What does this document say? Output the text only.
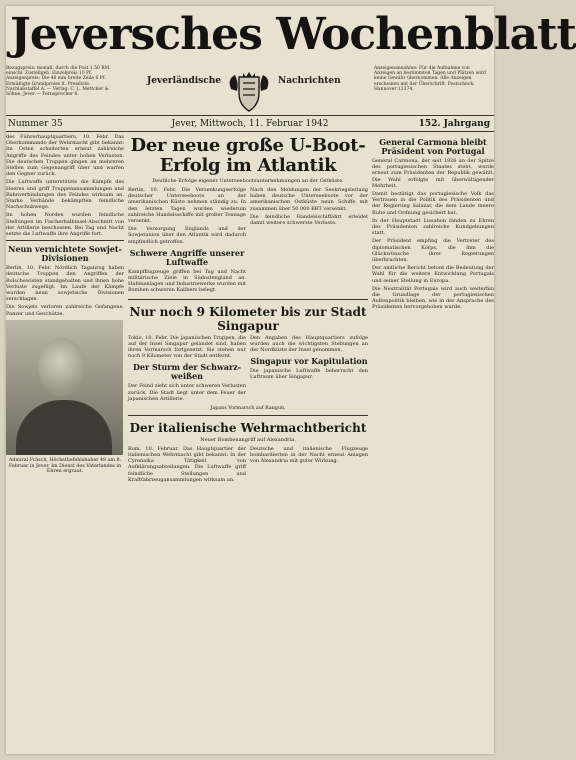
Jeversches Wochenblatt
Bezugspreis: monatl. durch die Post 1.50 RM. einschl. Zustellgeb. Einzelpreis 10 Pf. Anzeigenpreis: Die 46 mm breite Zeile 6 Pf. Ermäßigte Grundpreise lt. Preisliste. Nachlaßstaffel A. — Verlag: C. L. Mettcker & Söhne, Jever — Fernsprecher 6.
Jeverländische	Nachrichten
Anzeigenannahme: Für die Aufnahme von Anzeigen an bestimmten Tagen und Plätzen wird keine Gewähr übernommen. Alle Anzeigen erscheinen mit der Überschrift. Postscheck: Hannover 12374.
Nummer 35	Jever, Mittwoch, 11. Februar 1942	152. Jahrgang

des Führerhauptquartiers, 10. Febr. Das Oberkommando der Wehrmacht gibt bekannt: Im Osten scheiterten erneut zahlreiche Angriffe des Feindes unter hohen Verlusten. Die deutschen Truppen gingen an mehreren Stellen zum Gegenangriff über und warfen den Gegner zurück.

Die Luftwaffe unterstützte die Kämpfe des Heeres und griff Truppenansammlungen und Bahnverbindungen des Feindes wirksam an. Starke Verbände bekämpften feindliche Nachschubwege.

Im hohen Norden wurden feindliche Stellungen im Fischerhalbinsel-Abschnitt von der Artillerie beschossen. Bei Tag und Nacht setzte die Luftwaffe ihre Angriffe fort.

Neun vernichtete Sowjet-Divisionen

Berlin, 10. Febr. Nördlich Taganrog haben deutsche Truppen den Angriffen der Bolschewisten standgehalten und ihnen hohe Verluste zugefügt. Im Laufe der Kämpfe wurden neun sowjetische Divisionen zerschlagen.

Die Sowjets verloren zahlreiche Gefangene, Panzer und Geschütze.

Admiral Fräsch, Höchstbefehlshaber 49 am 8. Februar in Jever, Im Dienst des Vaterlandes in Ehren ergraut.
Der neue große U-Boot-Erfolg im Atlantik
Deutliche Erfolge eigener Unterseebootsunternehmungen an der Ostküste.

Berlin, 10. Febr. Die Versenkungserfolge deutscher Unterseeboote an der amerikanischen Küste nehmen ständig zu. In den letzten Tagen wurden wiederum zahlreiche Handelsschiffe mit großer Tonnage versenkt.

Die Versorgung Englands und der Sowjetunion über den Atlantik wird dadurch empfindlich getroffen.

Schwere Angriffe unserer Luftwaffe

Kampfflugzeuge griffen bei Tag und Nacht militärische Ziele in Südostengland an. Hafenanlagen und Industriewerke wurden mit Bomben schweren Kalibers belegt.

Nach den Meldungen der Seekriegsleitung haben deutsche Unterseeboote vor der amerikanischen Ostküste neun Schiffe mit zusammen über 50 000 BRT versenkt.

Die feindliche Handelsschiffahrt erleidet damit weitere schwerste Verluste.

Nur noch 9 Kilometer bis zur Stadt Singapur

Tokio, 10. Febr. Die japanischen Truppen, die auf der Insel Singapur gelandet sind, haben ihren Vormarsch fortgesetzt. Sie stehen nur noch 9 Kilometer von der Stadt entfernt.

Der Sturm der Schwarz-weißen

Der Feind zieht sich unter schweren Verlusten zurück. Die Stadt liegt unter dem Feuer der japanischen Artillerie.

Den Angaben des Hauptquartiers zufolge wurden auch die wichtigsten Stellungen an der Nordküste der Insel genommen.

Singapur vor Kapitulation

Die japanische Luftwaffe beherrscht den Luftraum über Singapur.

Japans Vormarsch auf Rangun.
Der italienische Wehrmachtbericht
Neuer Bombenangriff auf Alexandria.

Rom, 10. Februar. Das Hauptquartier der italienischen Wehrmacht gibt bekannt: In der Cyrenaika Tätigkeit von Aufklärungsabteilungen. Die Luftwaffe griff feindliche Stellungen und Kraftfahrzeugansammlungen wirksam an.

Deutsche und italienische Flugzeuge bombardierten in der Nacht erneut Anlagen von Alexandria mit guter Wirkung.

General Carmona bleibt Präsident von Portugal

General Carmona, der seit 1926 an der Spitze des portugiesischen Staates steht, wurde erneut zum Präsidenten der Republik gewählt. Die Wahl erfolgte mit überwältigender Mehrheit.

Damit bestätigt das portugiesische Volk das Vertrauen in die Politik des Präsidenten und der Regierung Salazar, die dem Lande innere Ruhe und Ordnung gesichert hat.

In der Hauptstadt Lissabon fanden zu Ehren des Präsidenten zahlreiche Kundgebungen statt.

Der Präsident empfing die Vertreter des diplomatischen Korps, die ihm die Glückwünsche ihrer Regierungen überbrachten.

Der amtliche Bericht betont die Bedeutung der Wahl für die weitere Entwicklung Portugals und seiner Stellung in Europa.

Die Neutralität Portugals wird auch weiterhin die Grundlage der portugiesischen Außenpolitik bleiben, wie in der Ansprache des Präsidenten hervorgehoben wurde.
